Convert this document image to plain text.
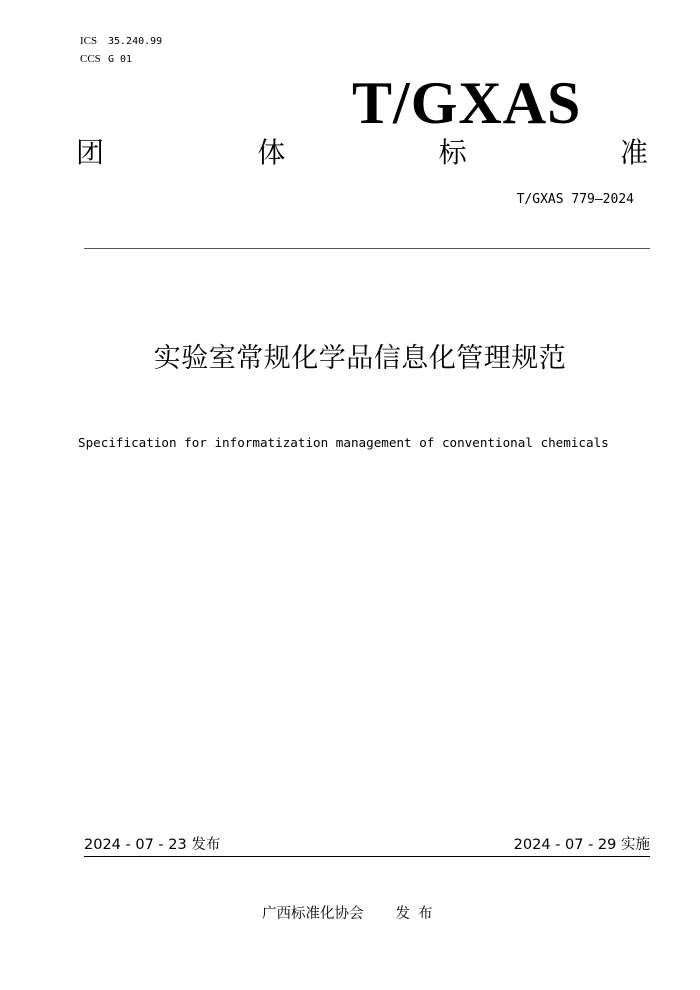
ICS 35.240.99
CCS G 01
T/GXAS
团	体	标	准
T/GXAS 779—2024
实验室常规化学品信息化管理规范
Specification for informatization management of conventional chemicals
2024 - 07 - 23 发布	2024 - 07 - 29 实施
广西标准化协会 发布
